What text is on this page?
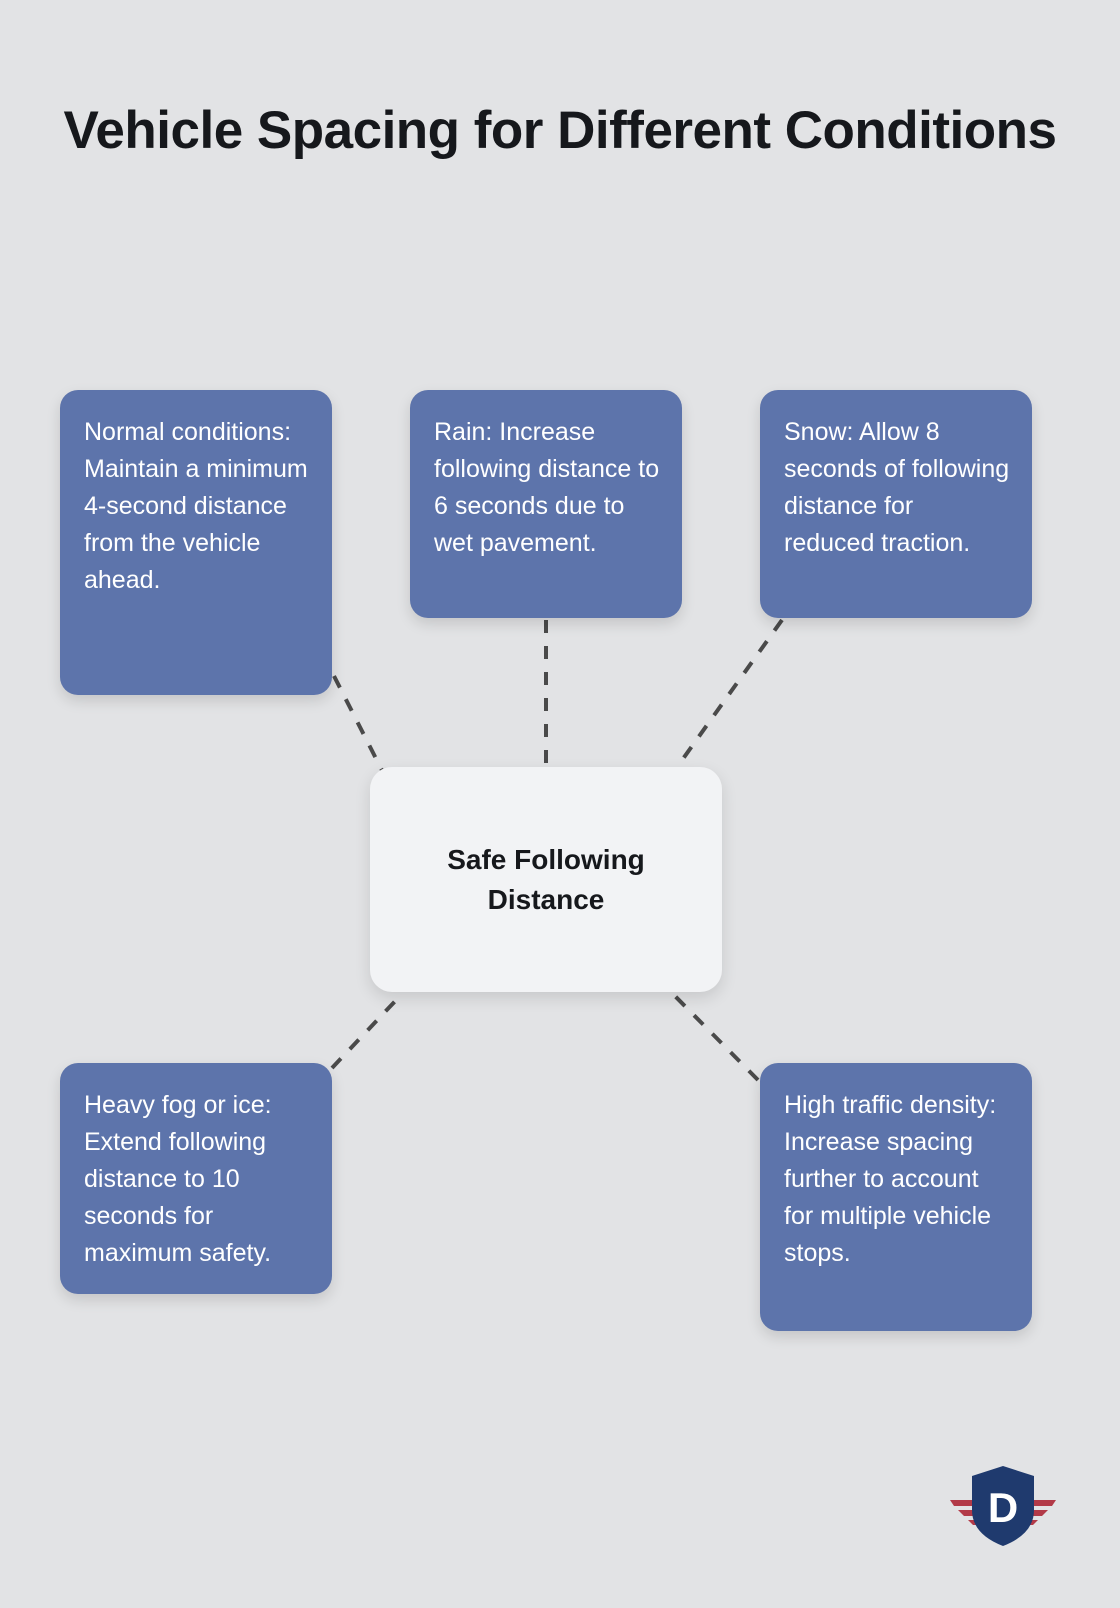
Vehicle Spacing for Different Conditions
Normal conditions: Maintain a minimum 4-second distance from the vehicle ahead.
Rain: Increase following distance to 6 seconds due to wet pavement.
Snow: Allow 8 seconds of following distance for reduced traction.
Heavy fog or ice: Extend following distance to 10 seconds for maximum safety.
High traffic density: Increase spacing further to account for multiple vehicle stops.
Safe Following Distance
D
